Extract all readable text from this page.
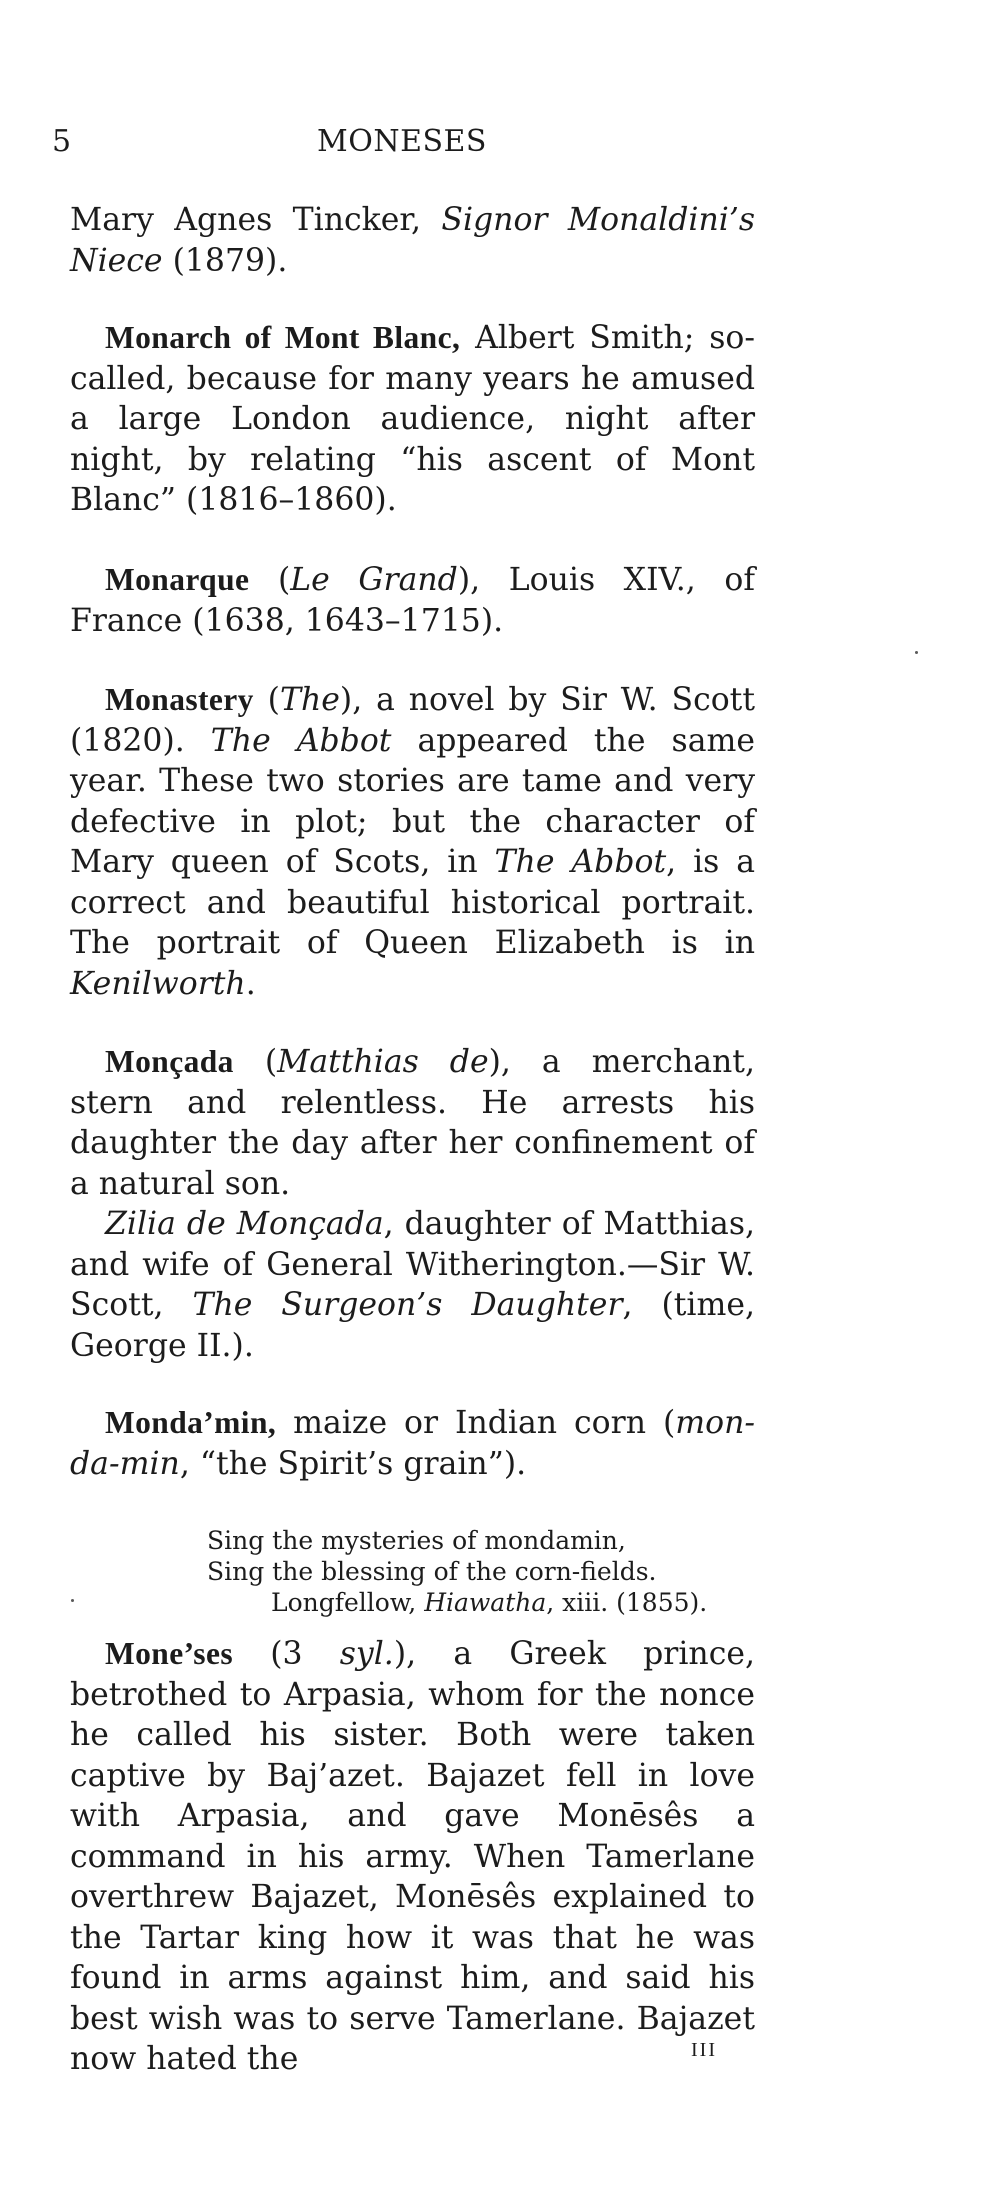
5	MONESES

Mary Agnes Tincker, Signor Monaldini’s Niece (1879).

Monarch of Mont Blanc, Albert Smith; so-called, because for many years he amused a large London audience, night after night, by relating “his ascent of Mont Blanc” (1816–1860).

Monarque (Le Grand), Louis XIV., of France (1638, 1643–1715).

Monastery (The), a novel by Sir W. Scott (1820). The Abbot appeared the same year. These two stories are tame and very defective in plot; but the character of Mary queen of Scots, in The Abbot, is a correct and beautiful historical portrait. The portrait of Queen Elizabeth is in Kenilworth.

Monçada (Matthias de), a merchant, stern and relentless. He arrests his daughter the day after her confinement of a natural son.

Zilia de Monçada, daughter of Matthias, and wife of General Witherington.—Sir W. Scott, The Surgeon’s Daughter, (time, George II.).

Monda’min, maize or Indian corn (mon-da-min, “the Spirit’s grain”).

Sing the mysteries of mondamin,
Sing the blessing of the corn-fields.
Longfellow, Hiawatha, xiii. (1855).

Mone’ses (3 syl.), a Greek prince, betrothed to Arpasia, whom for the nonce he called his sister. Both were taken captive by Baj’azet. Bajazet fell in love with Arpasia, and gave Monēsês a command in his army. When Tamerlane overthrew Bajazet, Monēsês explained to the Tartar king how it was that he was found in arms against him, and said his best wish was to serve Tamerlane. Bajazet now hated the	III
